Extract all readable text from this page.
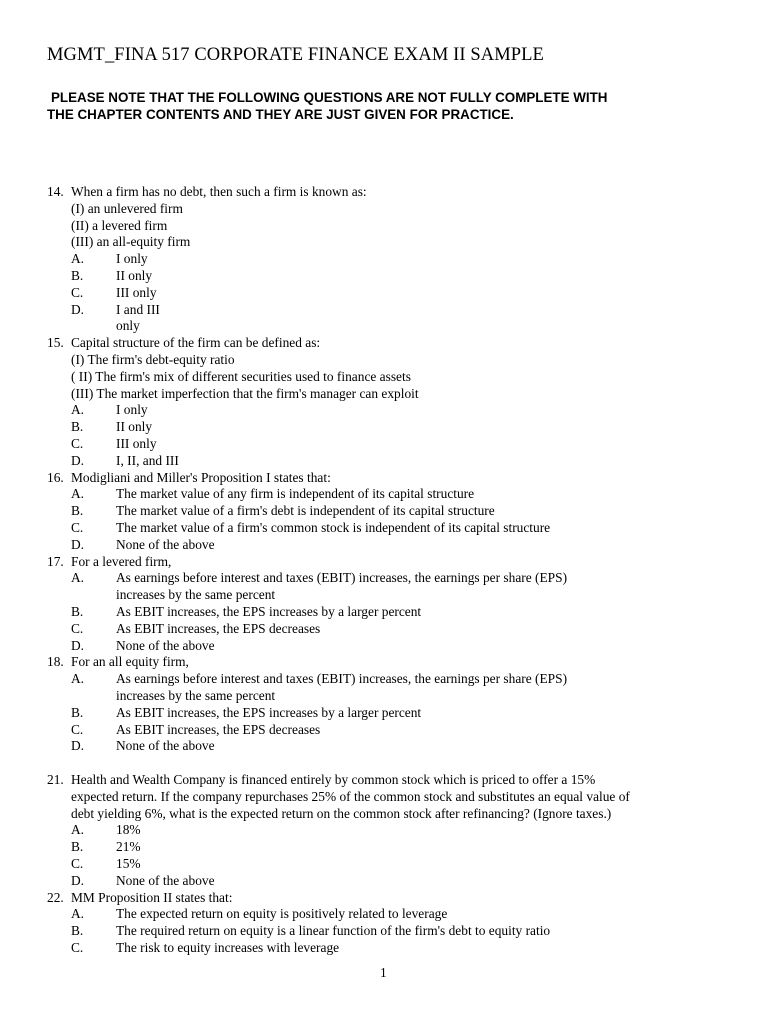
MGMT_FINA 517 CORPORATE FINANCE EXAM II SAMPLE
PLEASE NOTE THAT THE FOLLOWING QUESTIONS ARE NOT FULLY COMPLETE WITH
THE CHAPTER CONTENTS AND THEY ARE JUST GIVEN FOR PRACTICE.
14. When a firm has no debt, then such a firm is known as:
(I) an unlevered firm
(II) a levered firm
(III) an all-equity firm
A. I only
B. II only
C. III only
D. I and III
only
15. Capital structure of the firm can be defined as:
(I) The firm's debt-equity ratio
( II) The firm's mix of different securities used to finance assets
(III) The market imperfection that the firm's manager can exploit
A. I only
B. II only
C. III only
D. I, II, and III
16. Modigliani and Miller's Proposition I states that:
A. The market value of any firm is independent of its capital structure
B. The market value of a firm's debt is independent of its capital structure
C. The market value of a firm's common stock is independent of its capital structure
D. None of the above
17. For a levered firm,
A. As earnings before interest and taxes (EBIT) increases, the earnings per share (EPS)
increases by the same percent
B. As EBIT increases, the EPS increases by a larger percent
C. As EBIT increases, the EPS decreases
D. None of the above
18. For an all equity firm,
A. As earnings before interest and taxes (EBIT) increases, the earnings per share (EPS)
increases by the same percent
B. As EBIT increases, the EPS increases by a larger percent
C. As EBIT increases, the EPS decreases
D. None of the above
21. Health and Wealth Company is financed entirely by common stock which is priced to offer a 15%
expected return. If the company repurchases 25% of the common stock and substitutes an equal value of
debt yielding 6%, what is the expected return on the common stock after refinancing? (Ignore taxes.)
A. 18%
B. 21%
C. 15%
D. None of the above
22. MM Proposition II states that:
A. The expected return on equity is positively related to leverage
B. The required return on equity is a linear function of the firm's debt to equity ratio
C. The risk to equity increases with leverage
1
